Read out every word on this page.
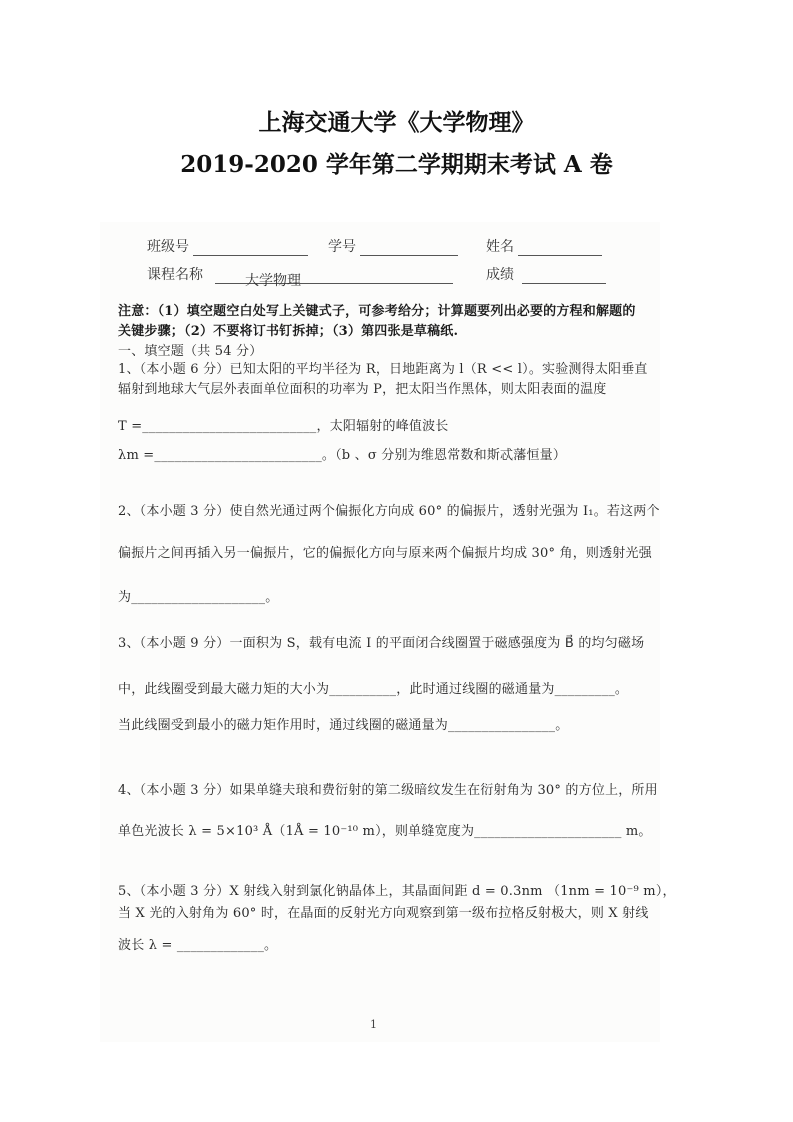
上海交通大学《大学物理》
2019-2020 学年第二学期期末考试 A 卷
班级号	学号	姓名
课程名称	大学物理	成绩
注意：（1）填空题空白处写上关键式子，可参考给分；计算题要列出必要的方程和解题的
关键步骤；（2）不要将订书钉拆掉；（3）第四张是草稿纸.
一、填空题（共 54 分）
1、（本小题 6 分）已知太阳的平均半径为 R，日地距离为 l（R << l）。实验测得太阳垂直
辐射到地球大气层外表面单位面积的功率为 P，把太阳当作黑体，则太阳表面的温度
T =__________________________，太阳辐射的峰值波长
λm =_________________________。（b 、σ 分别为维恩常数和斯忒藩恒量）
2、（本小题 3 分）使自然光通过两个偏振化方向成 60° 的偏振片，透射光强为 I₁。若这两个
偏振片之间再插入另一偏振片，它的偏振化方向与原来两个偏振片均成 30° 角，则透射光强
为____________________。
3、（本小题 9 分）一面积为 S，载有电流 I 的平面闭合线圈置于磁感强度为 B⃗ 的均匀磁场
中，此线圈受到最大磁力矩的大小为__________，此时通过线圈的磁通量为_________。
当此线圈受到最小的磁力矩作用时，通过线圈的磁通量为________________。
4、（本小题 3 分）如果单缝夫琅和费衍射的第二级暗纹发生在衍射角为 30° 的方位上，所用
单色光波长 λ = 5×10³ Å（1Å = 10⁻¹⁰ m），则单缝宽度为______________________ m。
5、（本小题 3 分）X 射线入射到氯化钠晶体上，其晶面间距 d = 0.3nm （1nm = 10⁻⁹ m），
当 X 光的入射角为 60° 时，在晶面的反射光方向观察到第一级布拉格反射极大，则 X 射线
波长 λ = _____________。
1
